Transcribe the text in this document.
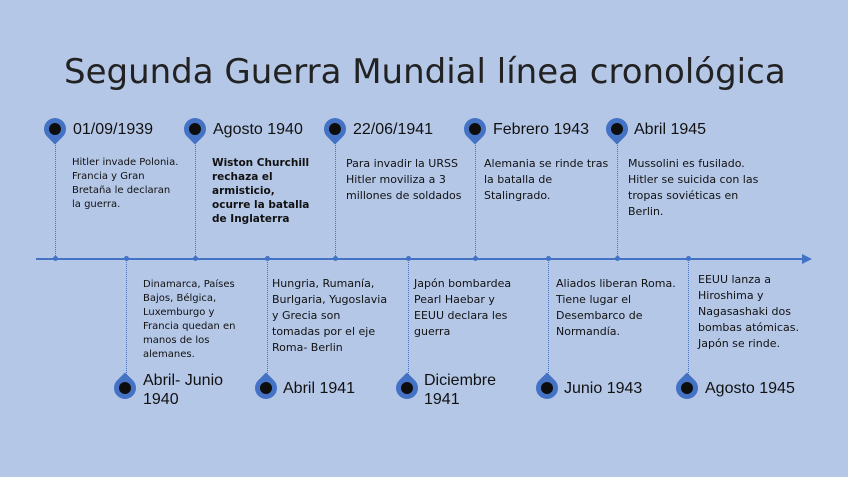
Segunda Guerra Mundial línea cronológica
01/09/1939
Hitler invade Polonia. Francia y Gran Bretaña le declaran la guerra.
Agosto 1940
Wiston Churchill rechaza el armisticio, ocurre la batalla de Inglaterra
22/06/1941
Para invadir la URSS Hitler moviliza a 3 millones de soldados
Febrero 1943
Alemania se rinde tras la batalla de Stalingrado.
Abril 1945
Mussolini es fusilado. Hitler se suicida con las tropas soviéticas en Berlin.
Abril- Junio 1940
Dinamarca, Países Bajos, Bélgica, Luxemburgo y Francia quedan en manos de los alemanes.
Abril 1941
Hungria, Rumanía, Burlgaria, Yugoslavia y Grecia son tomadas por el eje Roma- Berlin
Diciembre 1941
Japón bombardea Pearl Haebar y EEUU declara les guerra
Junio 1943
Aliados liberan Roma. Tiene lugar el Desembarco de Normandía.
Agosto 1945
EEUU lanza a Hiroshima y Nagasashaki dos bombas atómicas. Japón se rinde.
